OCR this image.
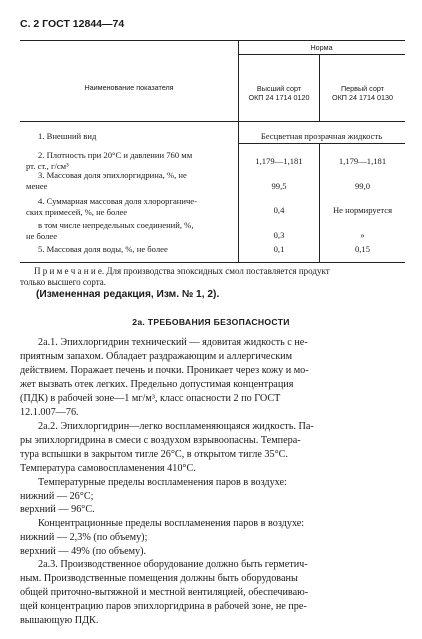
С. 2 ГОСТ 12844—74
Наименование показателя
Норма
Высший сорт
ОКП 24 1714 0120
Первый сорт
ОКП 24 1714 0130
1. Внешний вид	Бесцветная прозрачная жидкость
2. Плотность при 20°С и давлении 760 мм
рт. ст., г/см³	1,179—1,181	1,179—1,181
3. Массовая доля эпихлоргидрина, %, не
менее	99,5	99,0
4. Суммарная массовая доля хлорорганиче-
ских примесей, %, не более	0,4	Не нормируется
в том числе непредельных соединений, %,
не более	0,3	»
5. Массовая доля воды, %, не более	0,1	0,15
П р и м е ч а н и е. Для производства эпоксидных смол поставляется продукт
только высшего сорта.
(Измененная редакция, Изм. № 1, 2).
2а. ТРЕБОВАНИЯ БЕЗОПАСНОСТИ
2а.1. Эпихлоргидрин технический — ядовитая жидкость с не-
приятным запахом. Обладает раздражающим и аллергическим
действием. Поражает печень и почки. Проникает через кожу и мо-
жет вызвать отек легких. Предельно допустимая концентрация
(ПДК) в рабочей зоне—1 мг/м³, класс опасности 2 по ГОСТ
12.1.007—76.
2а.2. Эпихлоргидрин—легко воспламеняющаяся жидкость. Па-
ры эпихлоргидрина в смеси с воздухом взрывоопасны. Темпера-
тура вспышки в закрытом тигле 26°С, в открытом тигле 35°С.
Температура самовоспламенения 410°С.
Температурные пределы воспламенения паров в воздухе:
нижний — 26°С;
верхний — 96°С.
Концентрационные пределы воспламенения паров в воздухе:
нижний — 2,3% (по объему);
верхний — 49% (по объему).
2а.3. Производственное оборудование должно быть герметич-
ным. Производственные помещения должны быть оборудованы
общей приточно-вытяжной и местной вентиляцией, обеспечиваю-
щей концентрацию паров эпихлоргидрина в рабочей зоне, не пре-
вышающую ПДК.
